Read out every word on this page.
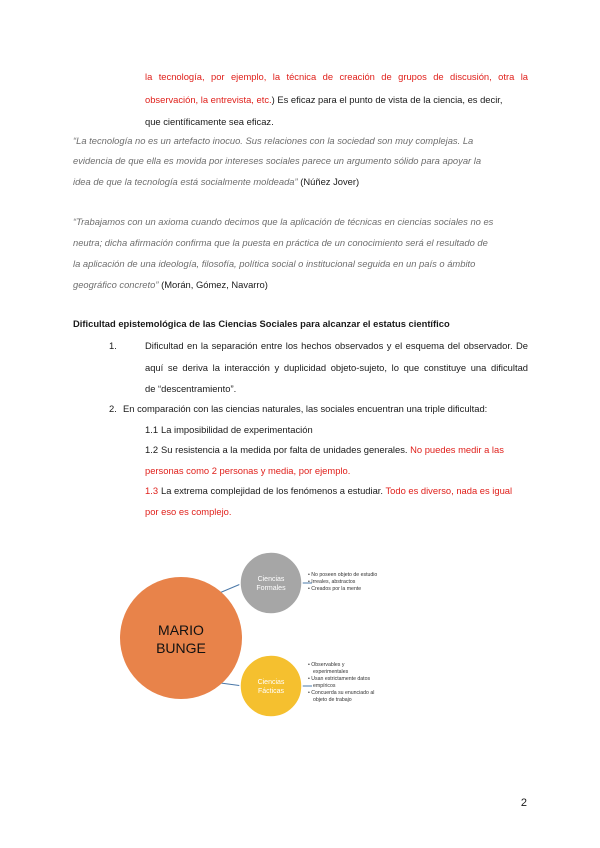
la tecnología, por ejemplo, la técnica de creación de grupos de discusión, otra la
observación, la entrevista, etc.) Es eficaz para el punto de vista de la ciencia, es decir,
que científicamente sea eficaz.
“La tecnología no es un artefacto inocuo. Sus relaciones con la sociedad son muy complejas. La
evidencia de que ella es movida por intereses sociales parece un argumento sólido para apoyar la
idea de que la tecnología está socialmente moldeada” (Núñez Jover)
“Trabajamos con un axioma cuando decimos que la aplicación de técnicas en ciencias sociales no es
neutra; dicha afirmación confirma que la puesta en práctica de un conocimiento será el resultado de
la aplicación de una ideología, filosofía, política social o institucional seguida en un país o ámbito
geográfico concreto” (Morán, Gómez, Navarro)
Dificultad epistemológica de las Ciencias Sociales para alcanzar el estatus científico
1.	Dificultad en la separación entre los hechos observados y el esquema del observador. De
aquí se deriva la interacción y duplicidad objeto-sujeto, lo que constituye una dificultad
de “descentramiento”.
2. En comparación con las ciencias naturales, las sociales encuentran una triple dificultad:
1.1 La imposibilidad de experimentación
1.2 Su resistencia a la medida por falta de unidades generales. No puedes medir a las
personas como 2 personas y media, por ejemplo.
1.3 La extrema complejidad de los fenómenos a estudiar. Todo es diverso, nada es igual
por eso es complejo.
MARIO
BUNGE
Ciencias
Formales
Ciencias
Fácticas
• No poseen objeto de estudio
• Irreales, abstractos
• Creados por la mente
• Observables y
experimentales
• Usan estrictamente datos
empíricos
• Concuerda su enunciado al
objeto de trabajo
2
